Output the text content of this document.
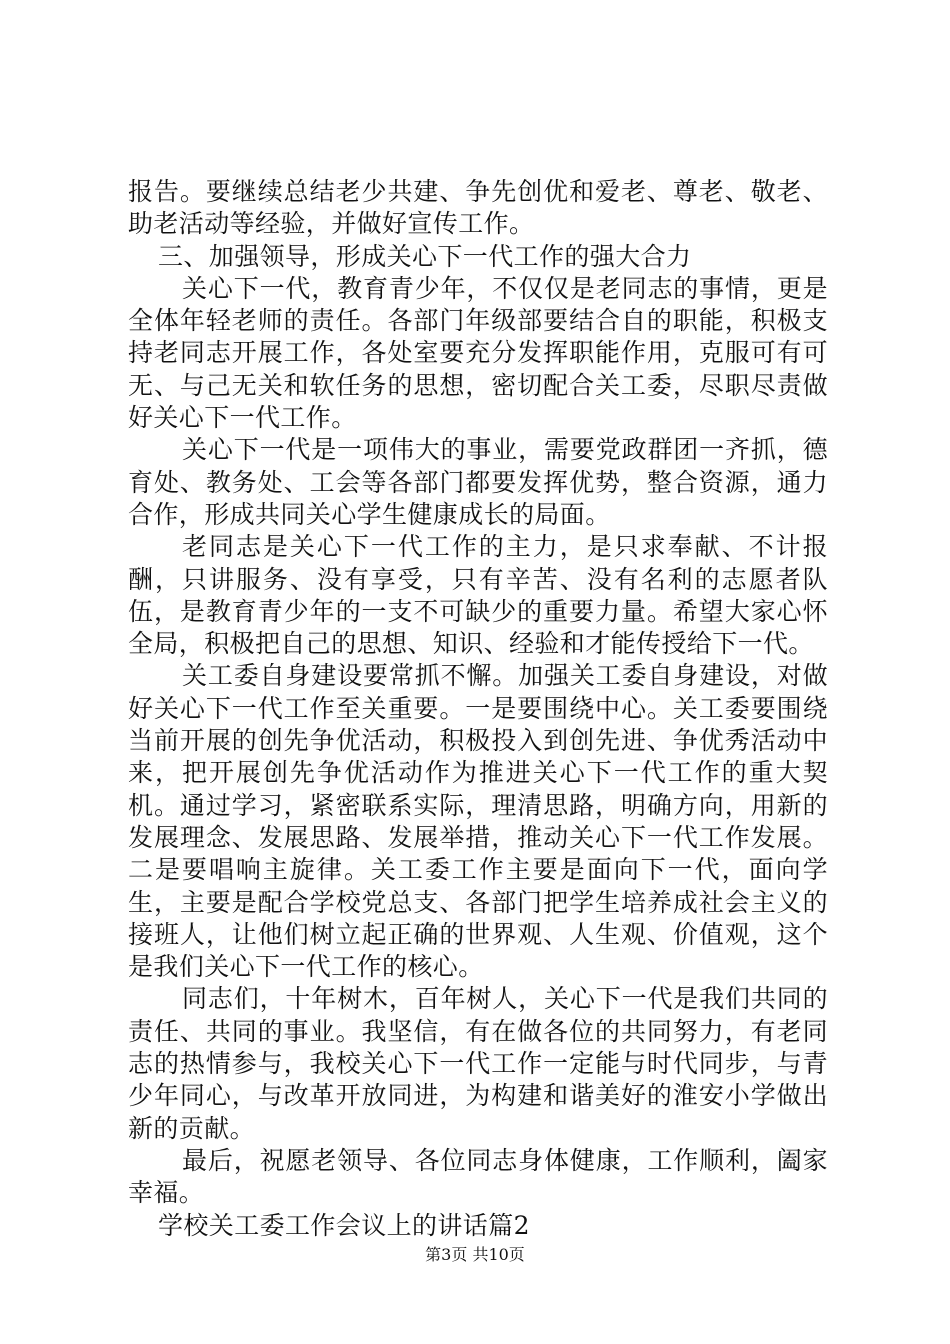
报告。要继续总结老少共建、争先创优和爱老、尊老、敬老、助老活动等经验，并做好宣传工作。

三、加强领导，形成关心下一代工作的强大合力

关心下一代，教育青少年，不仅仅是老同志的事情，更是全体年轻老师的责任。各部门年级部要结合自的职能，积极支持老同志开展工作，各处室要充分发挥职能作用，克服可有可无、与己无关和软任务的思想，密切配合关工委，尽职尽责做好关心下一代工作。

关心下一代是一项伟大的事业，需要党政群团一齐抓，德育处、教务处、工会等各部门都要发挥优势，整合资源，通力合作，形成共同关心学生健康成长的局面。

老同志是关心下一代工作的主力，是只求奉献、不计报酬，只讲服务、没有享受，只有辛苦、没有名利的志愿者队伍，是教育青少年的一支不可缺少的重要力量。希望大家心怀全局，积极把自己的思想、知识、经验和才能传授给下一代。

关工委自身建设要常抓不懈。加强关工委自身建设，对做好关心下一代工作至关重要。一是要围绕中心。关工委要围绕当前开展的创先争优活动，积极投入到创先进、争优秀活动中来，把开展创先争优活动作为推进关心下一代工作的重大契机。通过学习，紧密联系实际，理清思路，明确方向，用新的发展理念、发展思路、发展举措，推动关心下一代工作发展。二是要唱响主旋律。关工委工作主要是面向下一代，面向学生，主要是配合学校党总支、各部门把学生培养成社会主义的接班人，让他们树立起正确的世界观、人生观、价值观，这个是我们关心下一代工作的核心。

同志们，十年树木，百年树人，关心下一代是我们共同的责任、共同的事业。我坚信，有在做各位的共同努力，有老同志的热情参与，我校关心下一代工作一定能与时代同步，与青少年同心，与改革开放同进，为构建和谐美好的淮安小学做出新的贡献。

最后，祝愿老领导、各位同志身体健康，工作顺利，阖家幸福。

学校关工委工作会议上的讲话篇2

第3页 共10页
